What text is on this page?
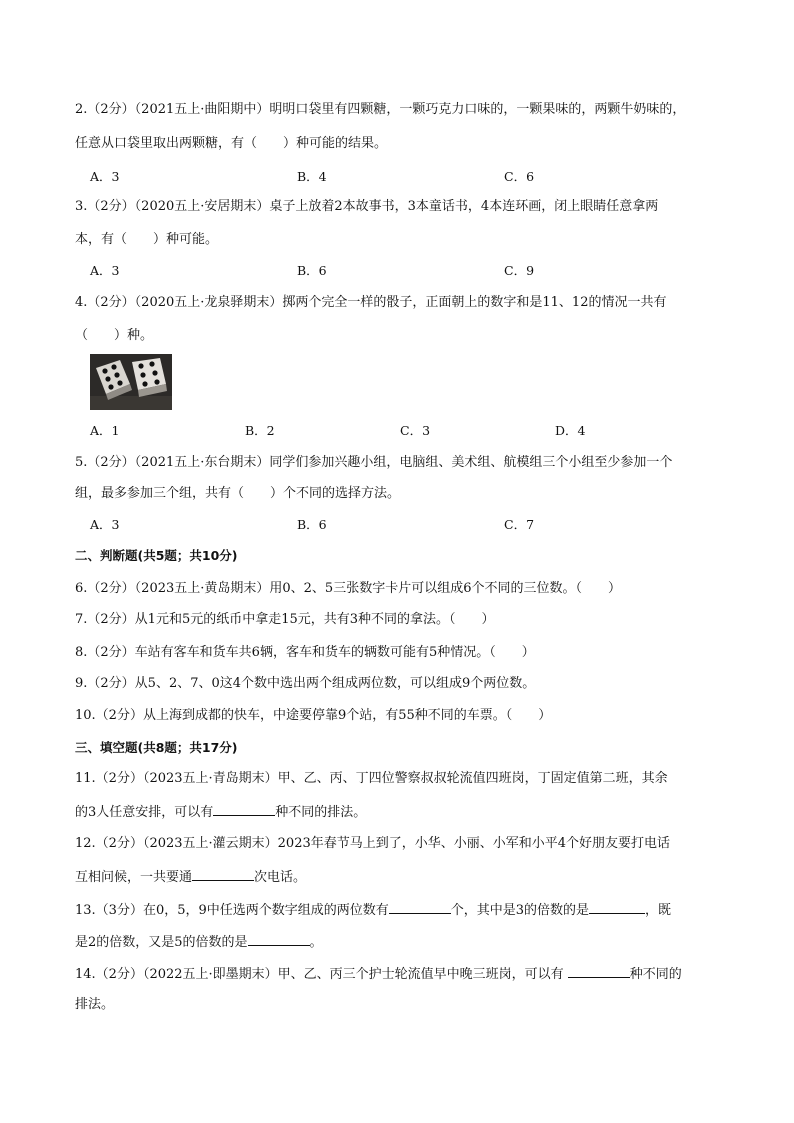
2.（2分）（2021五上·曲阳期中）明明口袋里有四颗糖，一颗巧克力口味的，一颗果味的，两颗牛奶味的，
任意从口袋里取出两颗糖，有（　　）种可能的结果。
A．3	B．4	C．6
3.（2分）（2020五上·安居期末）桌子上放着2本故事书，3本童话书，4本连环画，闭上眼睛任意拿两
本，有（　　）种可能。
A．3	B．6	C．9
4.（2分）（2020五上·龙泉驿期末）掷两个完全一样的骰子，正面朝上的数字和是11、12的情况一共有
（　　）种。
A．1	B．2	C．3	D．4
5.（2分）（2021五上·东台期末）同学们参加兴趣小组，电脑组、美术组、航模组三个小组至少参加一个
组，最多参加三个组，共有（　　）个不同的选择方法。
A．3	B．6	C．7
二、判断题(共5题；共10分)
6.（2分）（2023五上·黄岛期末）用0、2、5三张数字卡片可以组成6个不同的三位数。（　　）
7.（2分）从1元和5元的纸币中拿走15元，共有3种不同的拿法。（　　）
8.（2分）车站有客车和货车共6辆，客车和货车的辆数可能有5种情况。（　　）
9.（2分）从5、2、7、0这4个数中选出两个组成两位数，可以组成9个两位数。
10.（2分）从上海到成都的快车，中途要停靠9个站，有55种不同的车票。（　　）
三、填空题(共8题；共17分)
11.（2分）（2023五上·青岛期末）甲、乙、丙、丁四位警察叔叔轮流值四班岗，丁固定值第二班，其余
的3人任意安排，可以有	种不同的排法。
12.（2分）（2023五上·灌云期末）2023年春节马上到了，小华、小丽、小军和小平4个好朋友要打电话
互相问候，一共要通	次电话。
13.（3分）在0，5，9中任选两个数字组成的两位数有	个，其中是3的倍数的是	，既
是2的倍数，又是5的倍数的是	。
14.（2分）（2022五上·即墨期末）甲、乙、丙三个护士轮流值早中晚三班岗，可以有	种不同的
排法。
